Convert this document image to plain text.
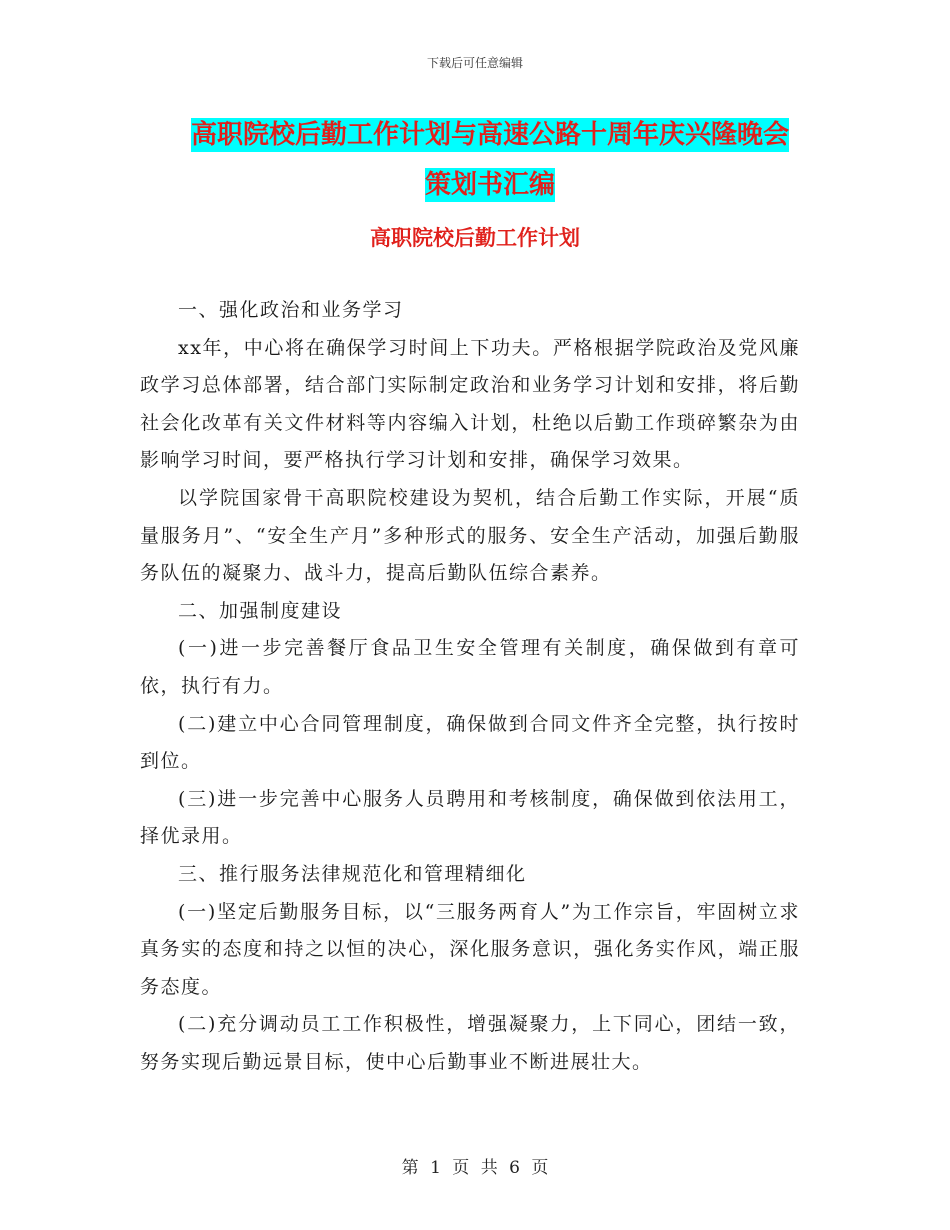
下载后可任意编辑
高职院校后勤工作计划与高速公路十周年庆兴隆晚会
策划书汇编
高职院校后勤工作计划

一、强化政治和业务学习

xx年，中心将在确保学习时间上下功夫。严格根据学院政治及党风廉政学习总体部署，结合部门实际制定政治和业务学习计划和安排，将后勤社会化改革有关文件材料等内容编入计划，杜绝以后勤工作琐碎繁杂为由影响学习时间，要严格执行学习计划和安排，确保学习效果。

以学院国家骨干高职院校建设为契机，结合后勤工作实际，开展“质量服务月”、“安全生产月”多种形式的服务、安全生产活动，加强后勤服务队伍的凝聚力、战斗力，提高后勤队伍综合素养。

二、加强制度建设

(一)进一步完善餐厅食品卫生安全管理有关制度，确保做到有章可依，执行有力。

(二)建立中心合同管理制度，确保做到合同文件齐全完整，执行按时到位。

(三)进一步完善中心服务人员聘用和考核制度，确保做到依法用工，择优录用。

三、推行服务法律规范化和管理精细化

(一)坚定后勤服务目标，以“三服务两育人”为工作宗旨，牢固树立求真务实的态度和持之以恒的决心，深化服务意识，强化务实作风，端正服务态度。

(二)充分调动员工工作积极性，增强凝聚力，上下同心，团结一致，努务实现后勤远景目标，使中心后勤事业不断进展壮大。

第 1 页 共 6 页
